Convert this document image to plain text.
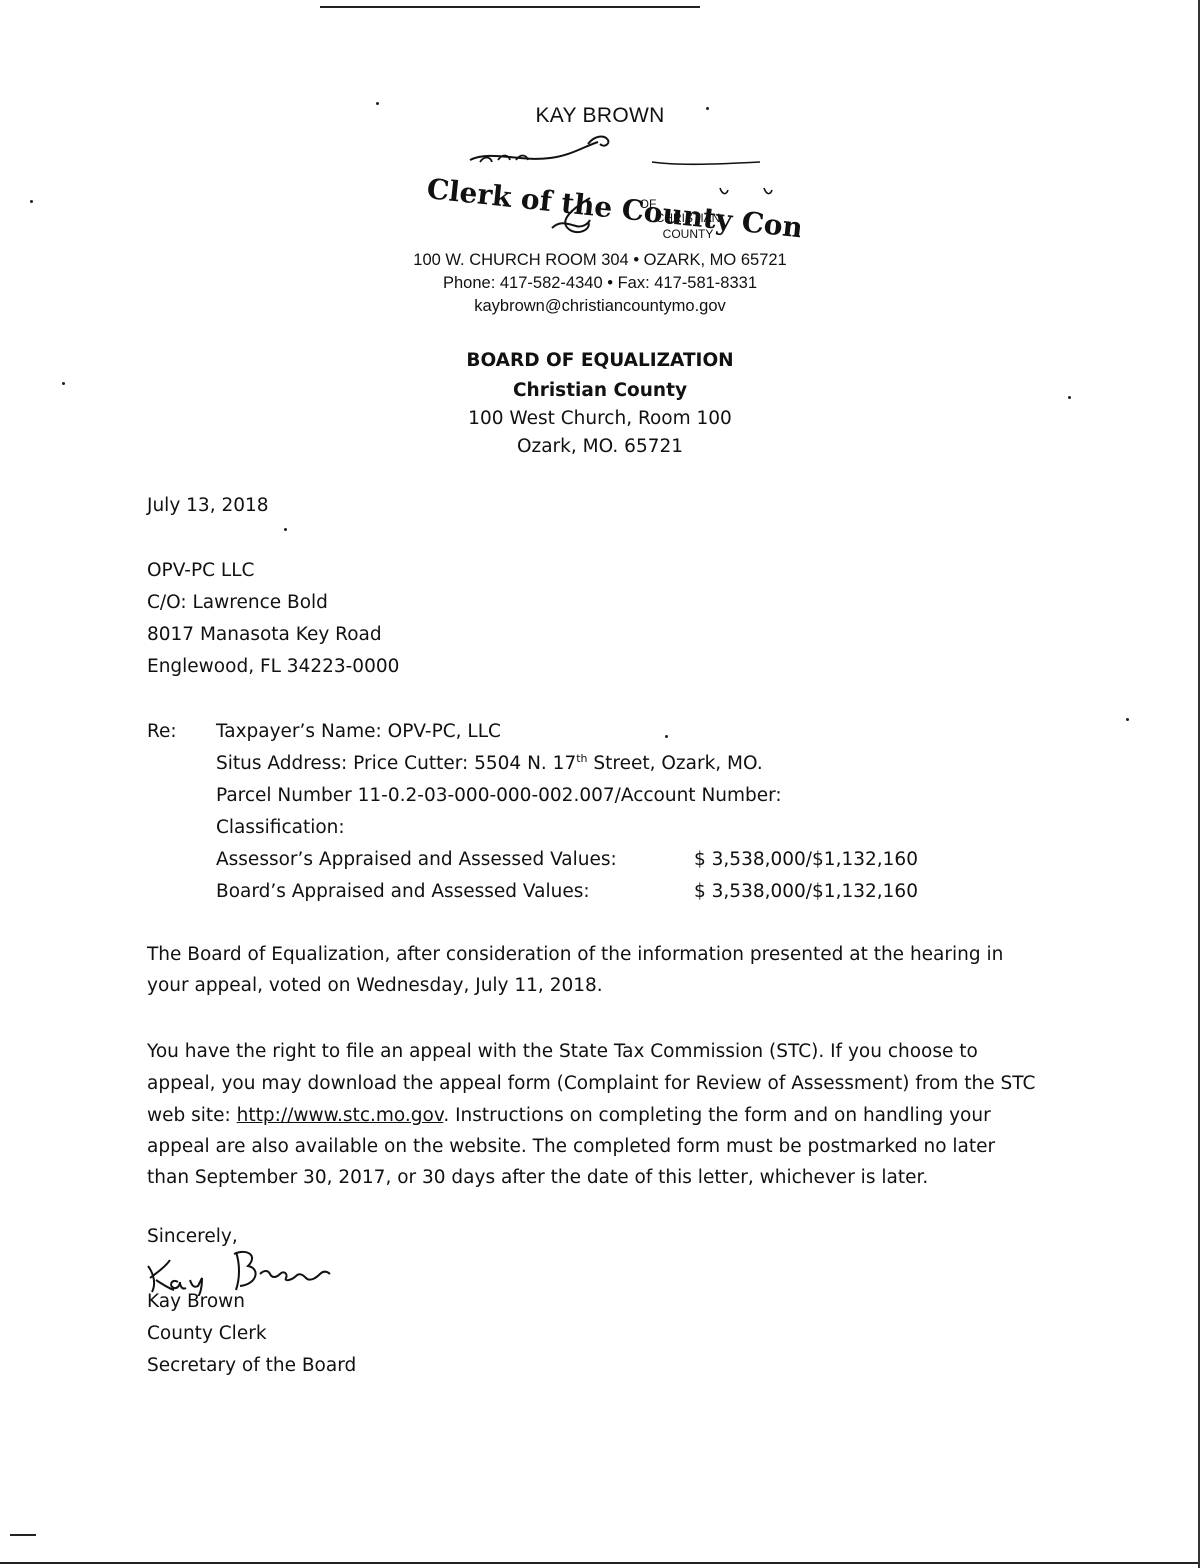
KAY BROWN
Clerk of the County Commission
OF
CHRISTIAN
COUNTY
100 W. CHURCH ROOM 304 • OZARK, MO 65721
Phone: 417-582-4340 • Fax: 417-581-8331
kaybrown@christiancountymo.gov
BOARD OF EQUALIZATION
Christian County
100 West Church, Room 100
Ozark, MO. 65721
July 13, 2018
OPV-PC LLC
C/O: Lawrence Bold
8017 Manasota Key Road
Englewood, FL 34223-0000
Re: Taxpayer’s Name: OPV-PC, LLC
Situs Address: Price Cutter: 5504 N. 17th Street, Ozark, MO.
Parcel Number 11-0.2-03-000-000-002.007/Account Number:
Classification:
Assessor’s Appraised and Assessed Values:	$ 3,538,000/$1,132,160
Board’s Appraised and Assessed Values:	$ 3,538,000/$1,132,160
The Board of Equalization, after consideration of the information presented at the hearing in
your appeal, voted on Wednesday, July 11, 2018.
You have the right to file an appeal with the State Tax Commission (STC). If you choose to
appeal, you may download the appeal form (Complaint for Review of Assessment) from the STC
web site: http://www.stc.mo.gov. Instructions on completing the form and on handling your
appeal are also available on the website. The completed form must be postmarked no later
than September 30, 2017, or 30 days after the date of this letter, whichever is later.
Sincerely,
Kay Brown
County Clerk
Secretary of the Board
